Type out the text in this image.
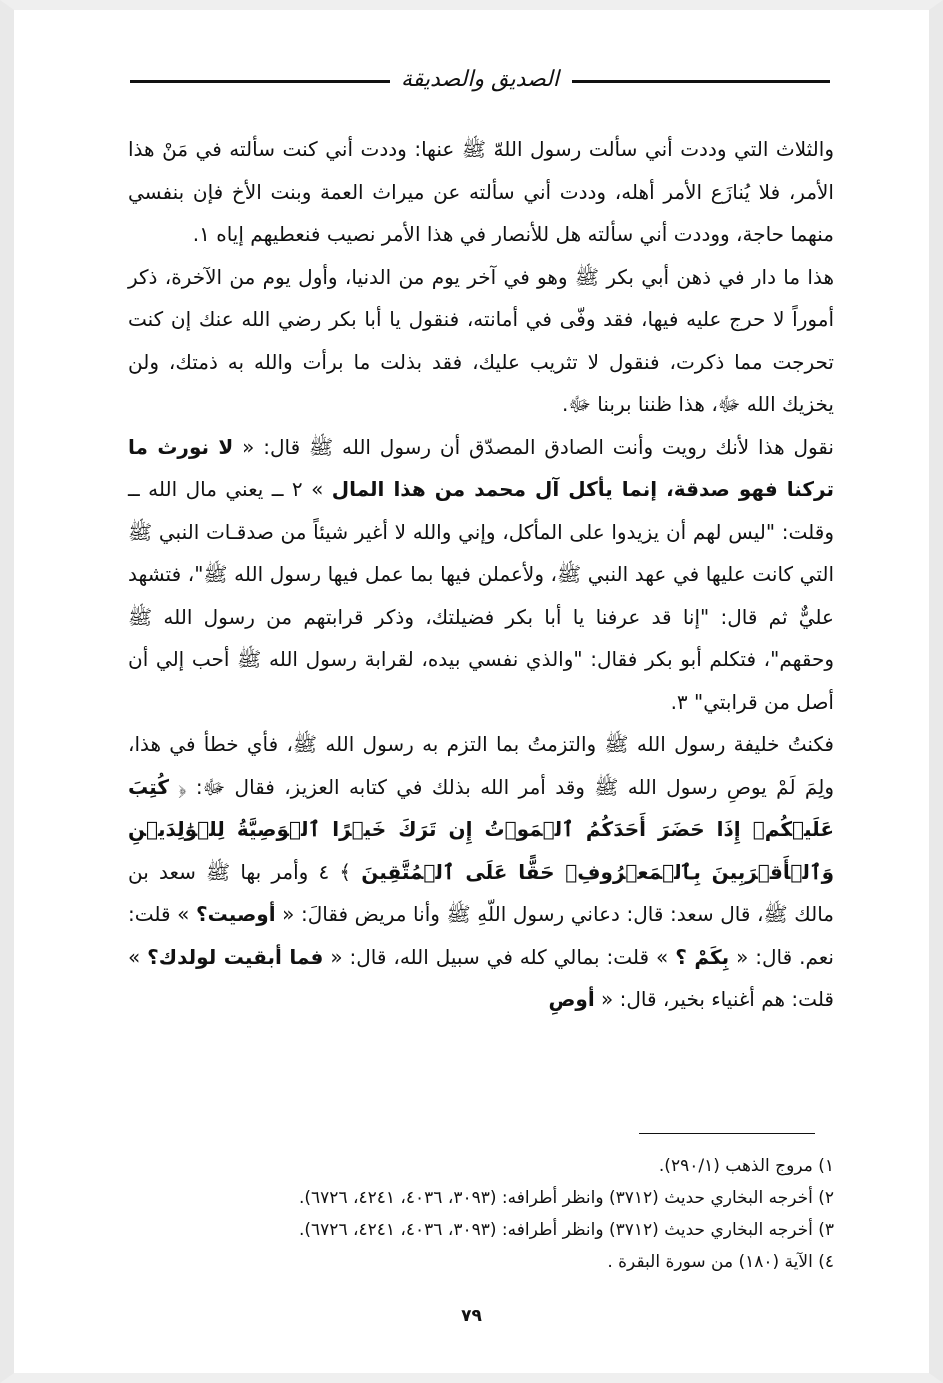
الصديق والصديقة

والثلاث التي وددت أني سألت رسول اللهّ ﷺ عنها: وددت أني كنت سألته في مَنْ هذا الأمر، فلا يُنازَع الأمر أهله، وددت أني سألته عن ميراث العمة وبنت الأخ فإن بنفسي منهما حاجة، ووددت أني سألته هل للأنصار في هذا الأمر نصيب فنعطيهم إياه ١.

هذا ما دار في ذهن أبي بكر ﷺ وهو في آخر يوم من الدنيا، وأول يوم من الآخرة، ذكر أموراً لا حرج عليه فيها، فقد وفّى في أمانته، فنقول يا أبا بكر رضي الله عنك إن كنت تحرجت مما ذكرت، فنقول لا تثريب عليك، فقد بذلت ما برأت والله به ذمتك، ولن يخزيك الله ﷻ، هذا ظننا بربنا ﷻ.

نقول هذا لأنك رويت وأنت الصادق المصدّق أن رسول الله ﷺ قال: « لا نورث ما تركنا فهو صدقة، إنما يأكل آل محمد من هذا المال » ٢ ــ يعني مال الله ــ وقلت: "ليس لهم أن يزيدوا على المأكل، وإني والله لا أغير شيئاً من صدقـات النبي ﷺ التي كانت عليها في عهد النبي ﷺ، ولأعملن فيها بما عمل فيها رسول الله ﷺ"، فتشهد عليٌّ ثم قال: "إنا قد عرفنا يا أبا بكر فضيلتك، وذكر قرابتهم من رسول الله ﷺ وحقهم"، فتكلم أبو بكر فقال: "والذي نفسي بيده، لقرابة رسول الله ﷺ أحب إلي أن أصل من قرابتي" ٣.

فكنتُ خليفة رسول الله ﷺ والتزمتُ بما التزم به رسول الله ﷺ، فأي خطأ في هذا، ولِمَ لَمْ يوصِ رسول الله ﷺ وقد أمر الله بذلك في كتابه العزيز، فقال ﷻ: ﴿ كُتِبَ عَلَيۡكُمۡ إِذَا حَضَرَ أَحَدَكُمُ ٱلۡمَوۡتُ إِن تَرَكَ خَيۡرًا ٱلۡوَصِيَّةُ لِلۡوَٰلِدَيۡنِ وَٱلۡأَقۡرَبِينَ بِٱلۡمَعۡرُوفِۖ حَقًّا عَلَى ٱلۡمُتَّقِينَ ﴾ ٤ وأمر بها ﷺ سعد بن مالك ﷺ، قال سعد: قال: دعاني رسول اللّهِ ﷺ وأنا مريض فقالَ: « أوصيت؟ » قلت: نعم. قال: « بِكَمْ ؟ » قلت: بمالي كله في سبيل الله، قال: « فما أبقيت لولدك؟ » قلت: هم أغنياء بخير، قال: « أوصِ

١) مروج الذهب (٢٩٠/١).

٢) أخرجه البخاري حديث (٣٧١٢) وانظر أطرافه: (٣٠٩٣، ٤٠٣٦، ٤٢٤١، ٦٧٢٦).

٣) أخرجه البخاري حديث (٣٧١٢) وانظر أطرافه: (٣٠٩٣، ٤٠٣٦، ٤٢٤١، ٦٧٢٦).

٤) الآية (١٨٠) من سورة البقرة .

٧٩
